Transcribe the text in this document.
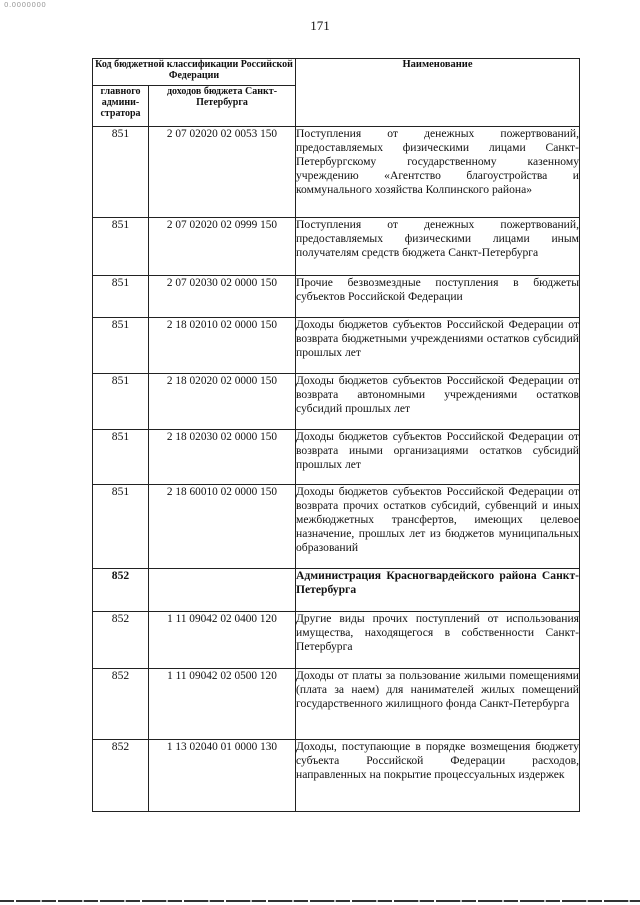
0.0000000
171
Код бюджетной классификации Российской Федерации		Наименование
главного админи-стратора	доходов бюджета Санкт-Петербурга	
851	2 07 02020 02 0053 150	Поступления от денежных пожертвований, предоставляемых физическими лицами Санкт-Петербургскому государственному казенному учреждению «Агентство благоустройства и коммунального хозяйства Колпинского района»
851	2 07 02020 02 0999 150	Поступления от денежных пожертвований, предоставляемых физическими лицами иным получателям средств бюджета Санкт-Петербурга
851	2 07 02030 02 0000 150	Прочие безвозмездные поступления в бюджеты субъектов Российской Федерации
851	2 18 02010 02 0000 150	Доходы бюджетов субъектов Российской Федерации от возврата бюджетными учреждениями остатков субсидий прошлых лет
851	2 18 02020 02 0000 150	Доходы бюджетов субъектов Российской Федерации от возврата автономными учреждениями остатков субсидий прошлых лет
851	2 18 02030 02 0000 150	Доходы бюджетов субъектов Российской Федерации от возврата иными организациями остатков субсидий прошлых лет
851	2 18 60010 02 0000 150	Доходы бюджетов субъектов Российской Федерации от возврата прочих остатков субсидий, субвенций и иных межбюджетных трансфертов, имеющих целевое назначение, прошлых лет из бюджетов муниципальных образований
852		Администрация Красногвардейского района Санкт-Петербурга
852	1 11 09042 02 0400 120	Другие виды прочих поступлений от использования имущества, находящегося в собственности Санкт-Петербурга
852	1 11 09042 02 0500 120	Доходы от платы за пользование жилыми помещениями (плата за наем) для нанимателей жилых помещений государственного жилищного фонда Санкт-Петербурга
852	1 13 02040 01 0000 130	Доходы, поступающие в порядке возмещения бюджету субъекта Российской Федерации расходов, направленных на покрытие процессуальных издержек
